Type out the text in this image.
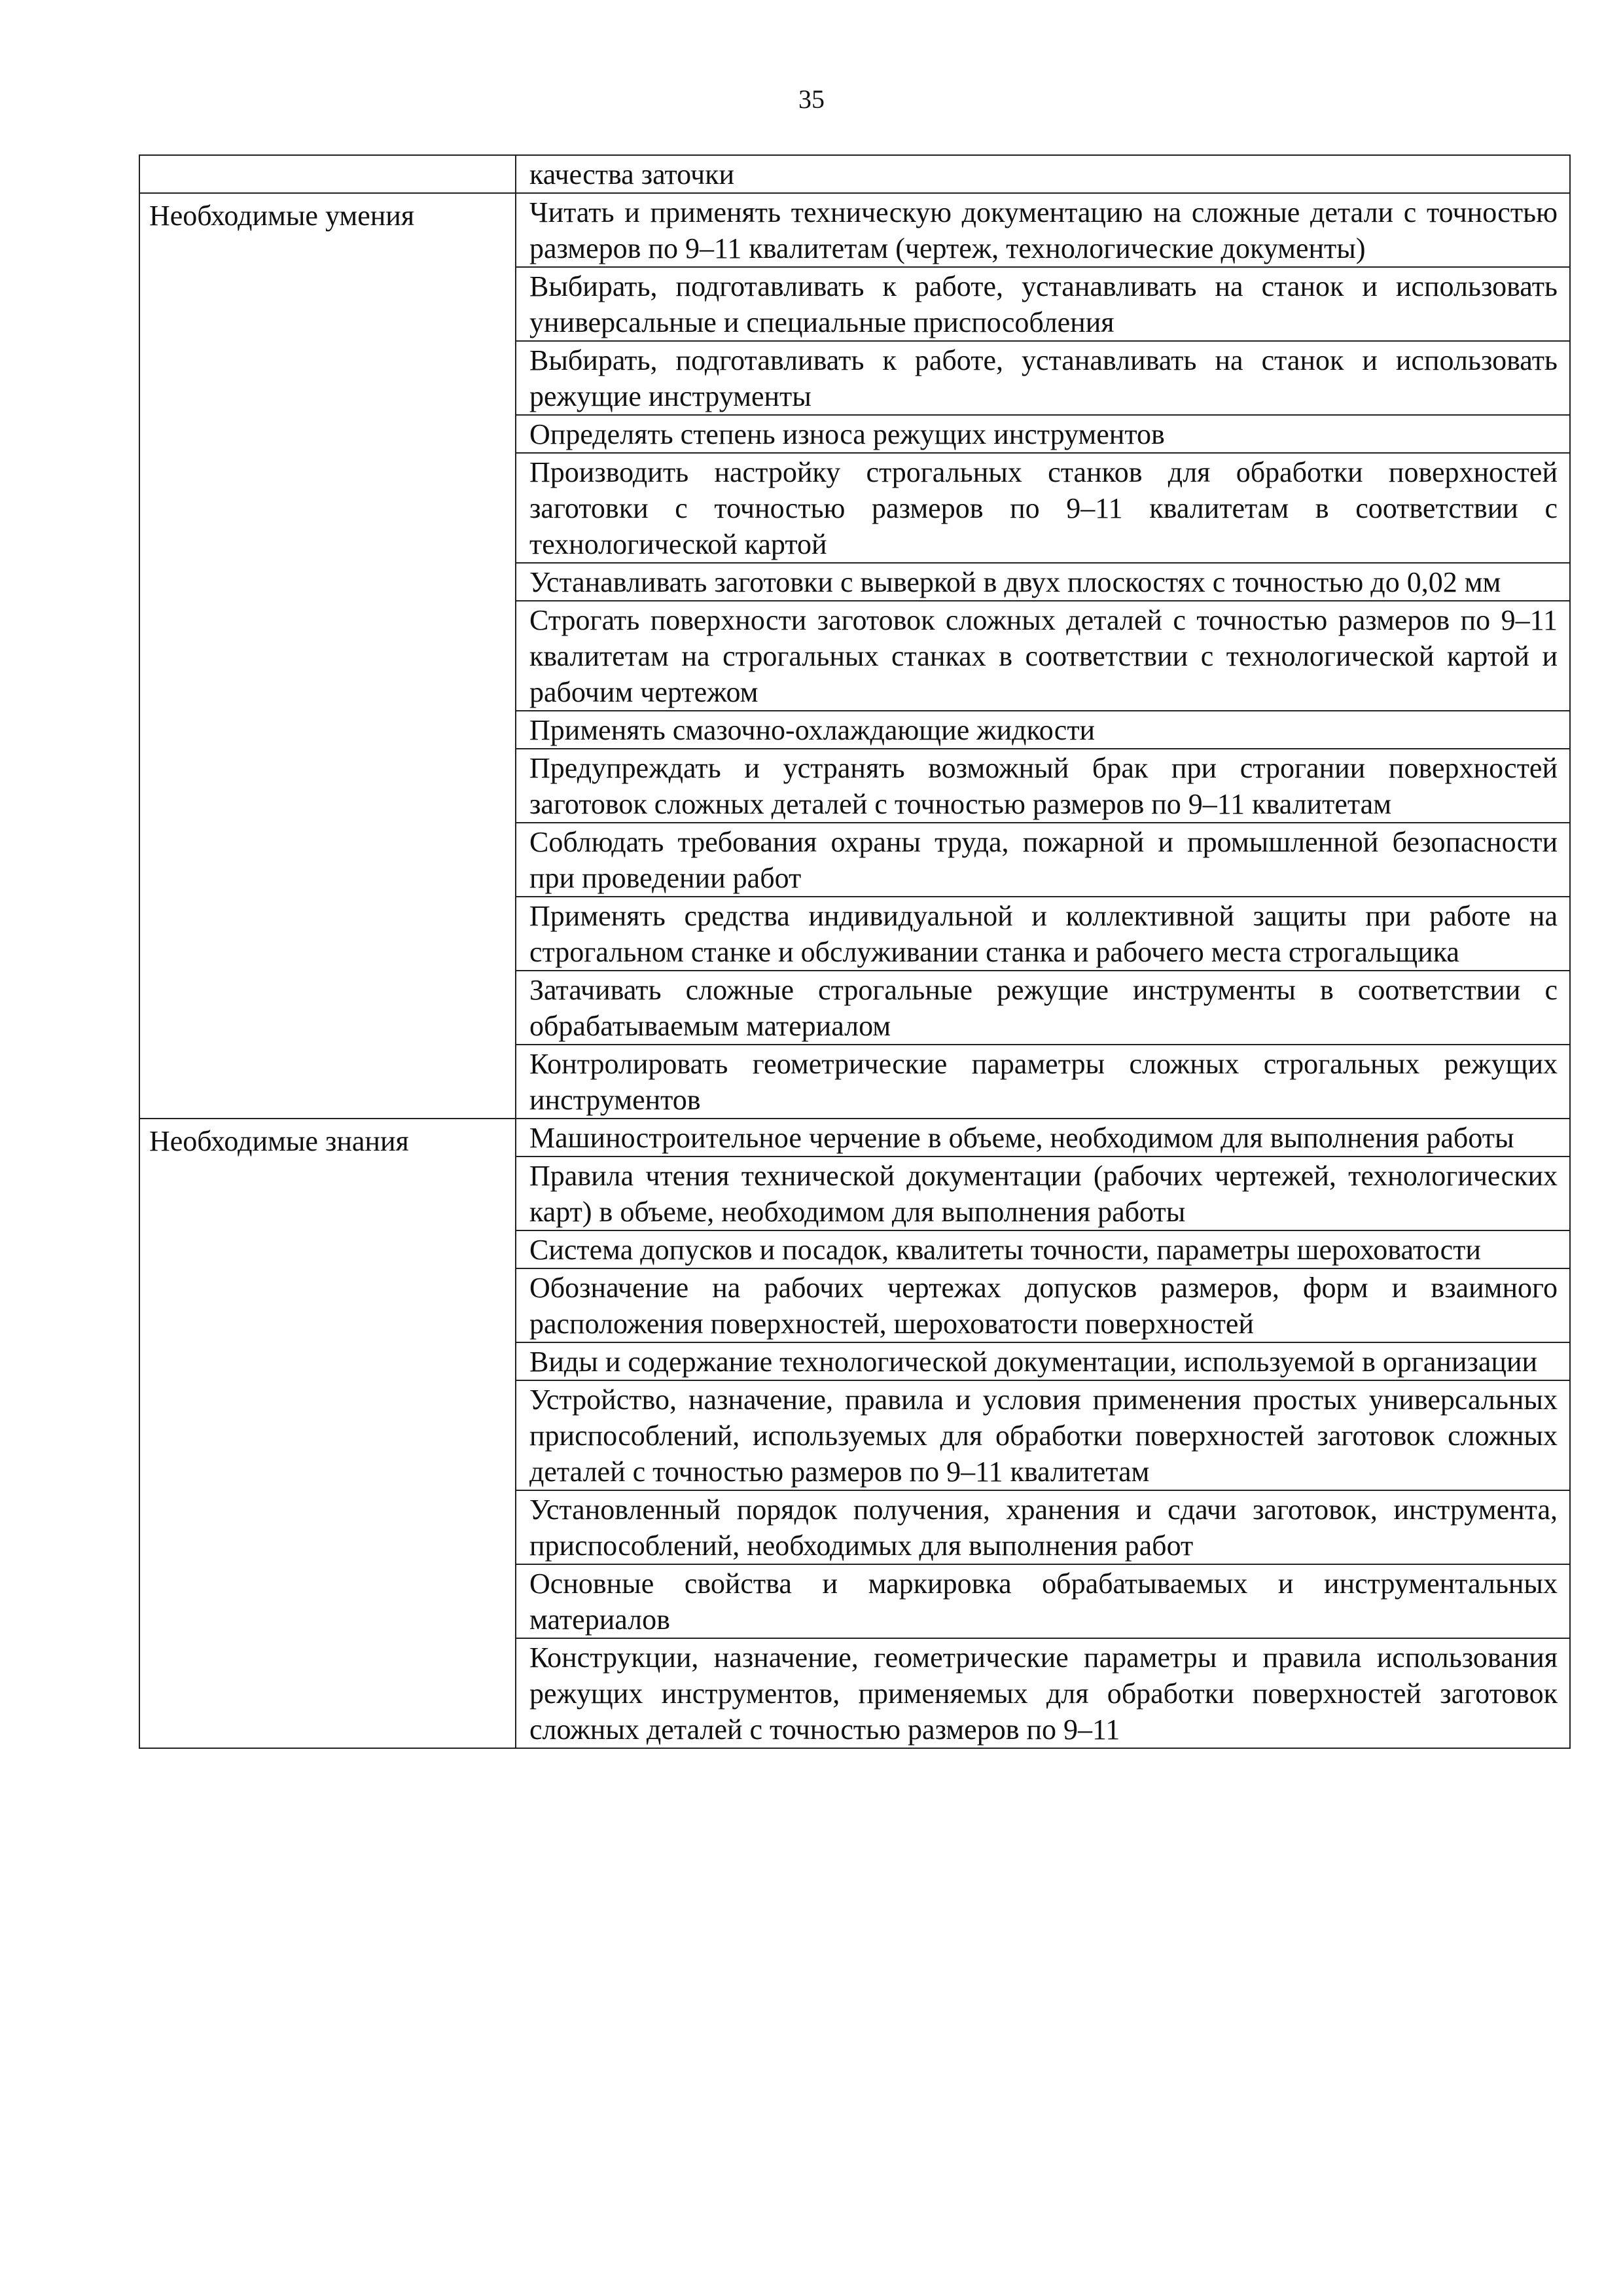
35
	качества заточки
Необходимые умения	Читать и применять техническую документацию на сложные детали с точностью размеров по 9–11 квалитетам (чертеж, технологические документы)
	Выбирать, подготавливать к работе, устанавливать на станок и использовать универсальные и специальные приспособления
	Выбирать, подготавливать к работе, устанавливать на станок и использовать режущие инструменты
	Определять степень износа режущих инструментов
	Производить настройку строгальных станков для обработки поверхностей заготовки с точностью размеров по 9–11 квалитетам в соответствии с технологической картой
	Устанавливать заготовки с выверкой в двух плоскостях с точностью до 0,02 мм
	Строгать поверхности заготовок сложных деталей с точностью размеров по 9–11 квалитетам на строгальных станках в соответствии с технологической картой и рабочим чертежом
	Применять смазочно-охлаждающие жидкости
	Предупреждать и устранять возможный брак при строгании поверхностей заготовок сложных деталей с точностью размеров по 9–11 квалитетам
	Соблюдать требования охраны труда, пожарной и промышленной безопасности при проведении работ
	Применять средства индивидуальной и коллективной защиты при работе на строгальном станке и обслуживании станка и рабочего места строгальщика
	Затачивать сложные строгальные режущие инструменты в соответствии с обрабатываемым материалом
	Контролировать геометрические параметры сложных строгальных режущих инструментов
Необходимые знания	Машиностроительное черчение в объеме, необходимом для выполнения работы
	Правила чтения технической документации (рабочих чертежей, технологических карт) в объеме, необходимом для выполнения работы
	Система допусков и посадок, квалитеты точности, параметры шероховатости
	Обозначение на рабочих чертежах допусков размеров, форм и взаимного расположения поверхностей, шероховатости поверхностей
	Виды и содержание технологической документации, используемой в организации
	Устройство, назначение, правила и условия применения простых универсальных приспособлений, используемых для обработки поверхностей заготовок сложных деталей с точностью размеров по 9–11 квалитетам
	Установленный порядок получения, хранения и сдачи заготовок, инструмента, приспособлений, необходимых для выполнения работ
	Основные свойства и маркировка обрабатываемых и инструментальных материалов
	Конструкции, назначение, геометрические параметры и правила использования режущих инструментов, применяемых для обработки поверхностей заготовок сложных деталей с точностью размеров по 9–11
